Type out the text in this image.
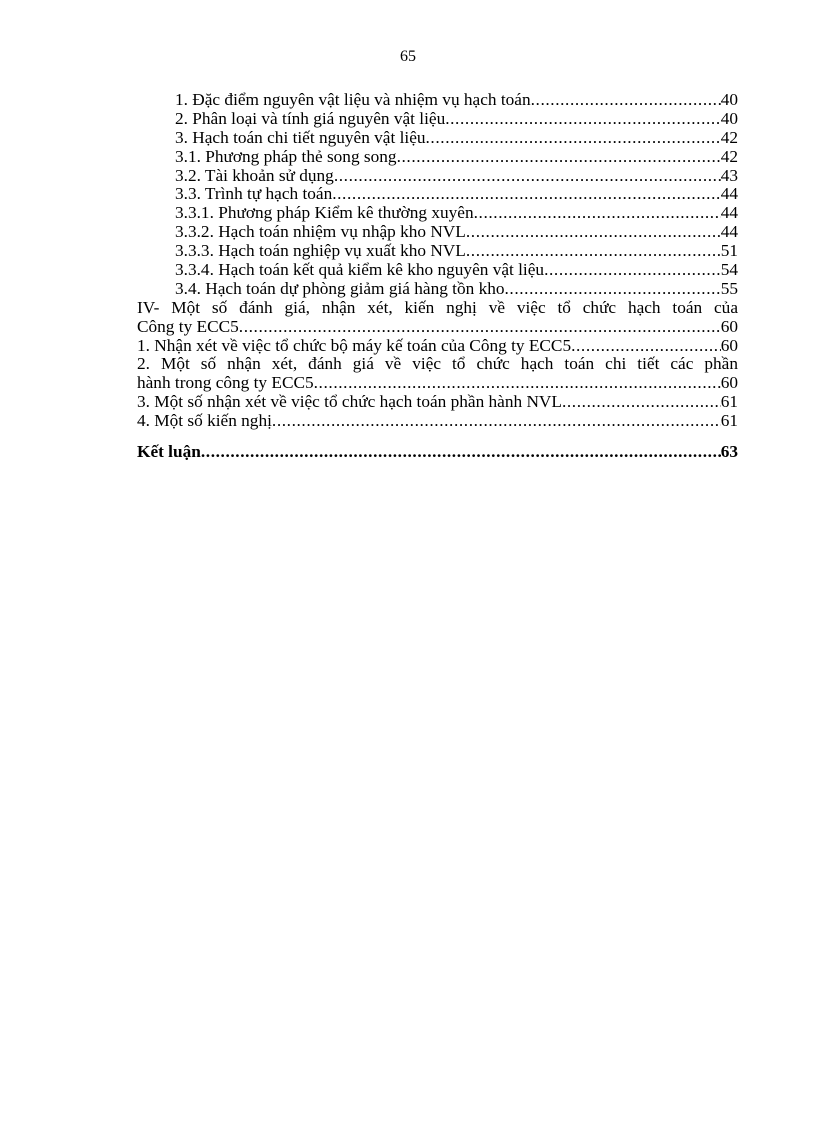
65
1. Đặc điểm nguyên vật liệu và nhiệm vụ hạch toán .....	40
2. Phân loại và tính giá nguyên vật liệu .....	40
3. Hạch toán chi tiết nguyên vật liệu .....	42
3.1. Phương pháp thẻ song song .....	42
3.2. Tài khoản sử dụng .....	43
3.3. Trình tự hạch toán .....	44
3.3.1. Phương pháp Kiểm kê thường xuyên .....	44
3.3.2. Hạch toán nhiệm vụ nhập kho NVL .....	44
3.3.3. Hạch toán nghiệp vụ xuất kho NVL .....	51
3.3.4. Hạch toán kết quả kiểm kê kho nguyên vật liệu .....	54
3.4. Hạch toán dự phòng giảm giá hàng tồn kho .....	55
IV- Một số đánh giá, nhận xét, kiến nghị về việc tổ chức hạch toán của
Công ty ECC5 .....	60
1. Nhận xét về việc tổ chức bộ máy kế toán của Công ty ECC5 .....	60
2. Một số nhận xét, đánh giá về việc tổ chức hạch toán chi tiết các phần
hành trong công ty ECC5 .....	60
3. Một số nhận xét về việc tổ chức hạch toán phần hành NVL .....	61
4. Một số kiến nghị .....	61
Kết luận .....	63
